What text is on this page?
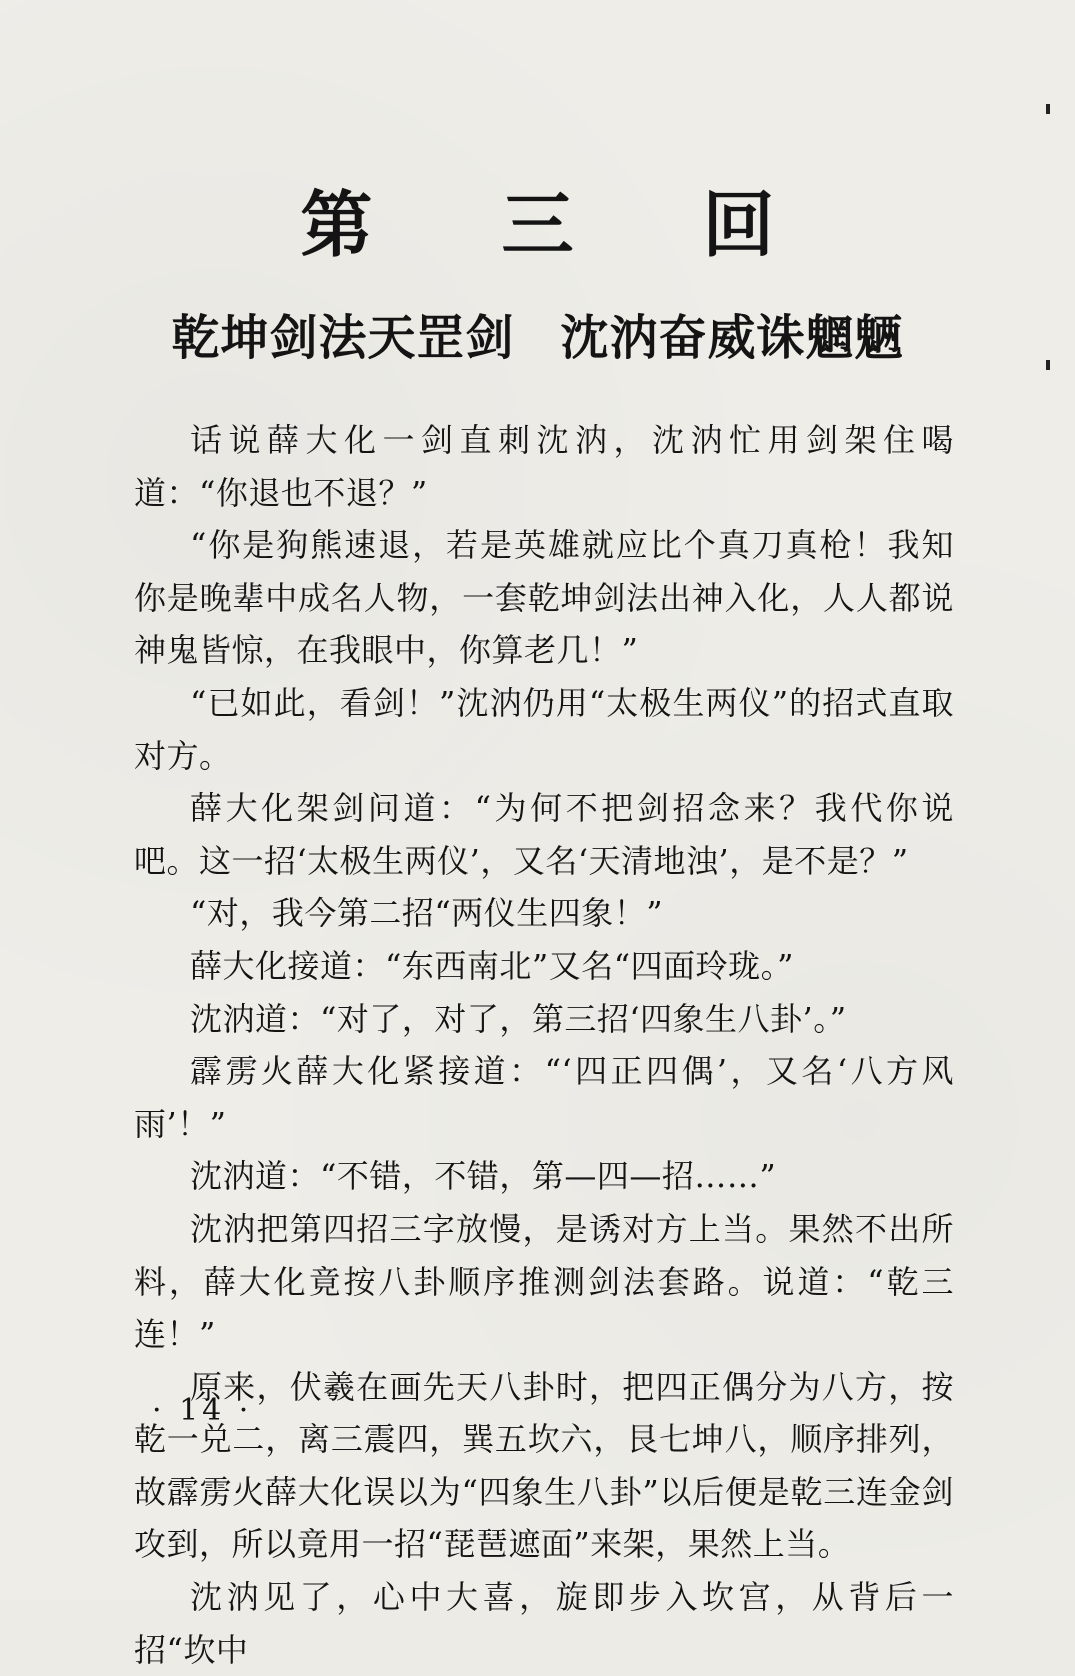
第 三 回
乾坤剑法天罡剑 沈汭奋威诛魍魉

话说薛大化一剑直刺沈汭，沈汭忙用剑架住喝道：“你退也不退？”

“你是狗熊速退，若是英雄就应比个真刀真枪！我知你是晚辈中成名人物，一套乾坤剑法出神入化，人人都说神鬼皆惊，在我眼中，你算老几！”

“已如此，看剑！”沈汭仍用“太极生两仪”的招式直取对方。

薛大化架剑问道：“为何不把剑招念来？我代你说吧。这一招‘太极生两仪’，又名‘天清地浊’，是不是？”

“对，我今第二招“两仪生四象！”

薛大化接道：“东西南北”又名“四面玲珑。”

沈汭道：“对了，对了，第三招‘四象生八卦’。”

霹雳火薛大化紧接道：“‘四正四偶’，又名‘八方风雨’！”

沈汭道：“不错，不错，第—四—招……”

沈汭把第四招三字放慢，是诱对方上当。果然不出所料，薛大化竟按八卦顺序推测剑法套路。说道：“乾三连！”

原来，伏羲在画先天八卦时，把四正偶分为八方，按乾一兑二，离三震四，巽五坎六，艮七坤八，顺序排列，故霹雳火薛大化误以为“四象生八卦”以后便是乾三连金剑攻到，所以竟用一招“琵琶遮面”来架，果然上当。

沈汭见了，心中大喜，旋即步入坎宫，从背后一招“坎中

· 14 ·
